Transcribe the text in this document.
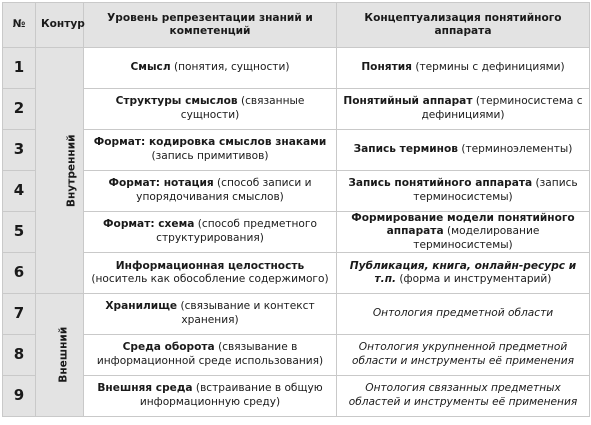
№	Контур	Уровень репрезентации знаний и компетенций	Концептуализация понятийного аппарата
1	Внутренний	Смысл (понятия, сущности)	Понятия (термины с дефинициями)
2		Структуры смыслов (связанные сущности)	Понятийный аппарат (терминосистема с дефинициями)
3		Формат: кодировка смыслов знаками (запись примитивов)	Запись терминов (терминоэлементы)
4		Формат: нотация (способ записи и упорядочивания смыслов)	Запись понятийного аппарата (запись терминосистемы)
5		Формат: схема (способ предметного структурирования)	Формирование модели понятийного аппарата (моделирование терминосистемы)
6		Информационная целостность (носитель как обособление содержимого)	Публикация, книга, онлайн-ресурс и т.п. (форма и инструментарий)
7	Внешний	Хранилище (связывание и контекст хранения)	Онтология предметной области
8		Среда оборота (связывание в информационной среде использования)	Онтология укрупненной предметной области и инструменты её применения
9		Внешняя среда (встраивание в общую информационную среду)	Онтология связанных предметных областей и инструменты её применения
